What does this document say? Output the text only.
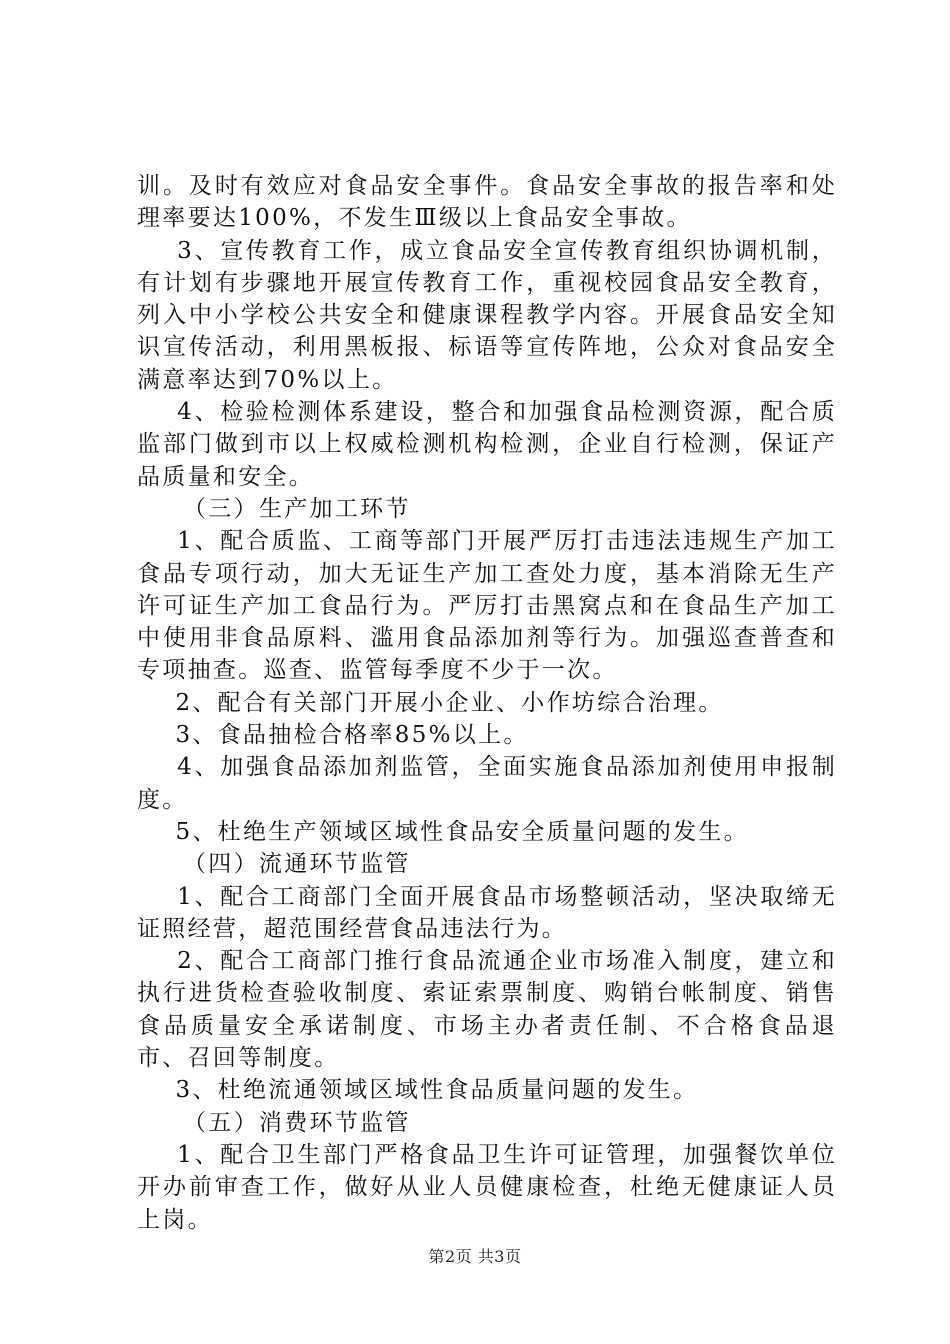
训。及时有效应对食品安全事件。食品安全事故的报告率和处理率要达100%，不发生Ⅲ级以上食品安全事故。

3、宣传教育工作，成立食品安全宣传教育组织协调机制，有计划有步骤地开展宣传教育工作，重视校园食品安全教育，列入中小学校公共安全和健康课程教学内容。开展食品安全知识宣传活动，利用黑板报、标语等宣传阵地，公众对食品安全满意率达到70%以上。

4、检验检测体系建设，整合和加强食品检测资源，配合质监部门做到市以上权威检测机构检测，企业自行检测，保证产品质量和安全。

（三）生产加工环节

1、配合质监、工商等部门开展严厉打击违法违规生产加工食品专项行动，加大无证生产加工查处力度，基本消除无生产许可证生产加工食品行为。严厉打击黑窝点和在食品生产加工中使用非食品原料、滥用食品添加剂等行为。加强巡查普查和专项抽查。巡查、监管每季度不少于一次。

2、配合有关部门开展小企业、小作坊综合治理。

3、食品抽检合格率85%以上。

4、加强食品添加剂监管，全面实施食品添加剂使用申报制度。

5、杜绝生产领域区域性食品安全质量问题的发生。

（四）流通环节监管

1、配合工商部门全面开展食品市场整顿活动，坚决取缔无证照经营，超范围经营食品违法行为。

2、配合工商部门推行食品流通企业市场准入制度，建立和执行进货检查验收制度、索证索票制度、购销台帐制度、销售食品质量安全承诺制度、市场主办者责任制、不合格食品退市、召回等制度。

3、杜绝流通领域区域性食品质量问题的发生。

（五）消费环节监管

1、配合卫生部门严格食品卫生许可证管理，加强餐饮单位开办前审查工作，做好从业人员健康检查，杜绝无健康证人员上岗。

第2页 共3页
